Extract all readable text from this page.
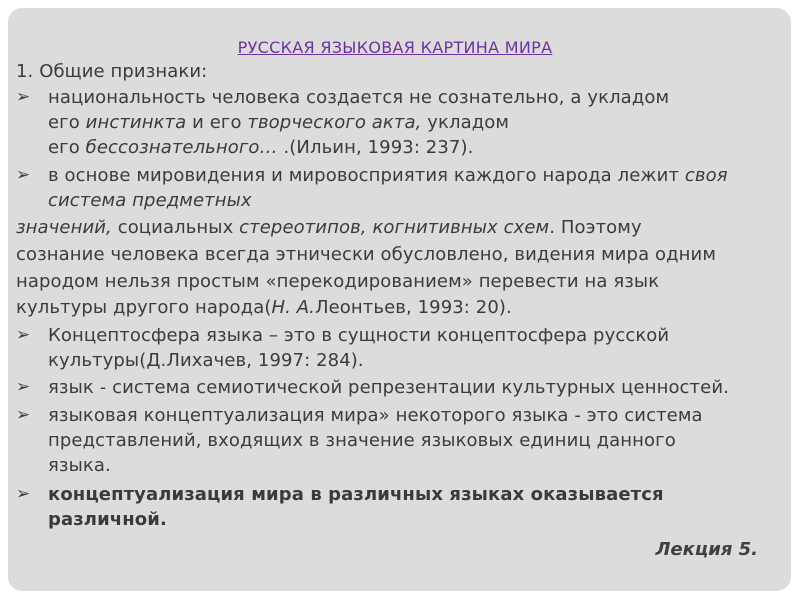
РУССКАЯ ЯЗЫКОВАЯ КАРТИНА МИРА
1. Общие признаки:
➢ национальность человека создается не сознательно, а укладом
его инстинкта и его творческого акта, укладом
его бессознательного… .(Ильин, 1993: 237).
➢ в основе мировидения и мировосприятия каждого народа лежит своя
система предметных
значений, социальных стереотипов, когнитивных схем. Поэтому
сознание человека всегда этнически обусловлено, видения мира одним
народом нельзя простым «перекодированием» перевести на язык
культуры другого народа(Н. А.Леонтьев, 1993: 20).
➢ Концептосфера языка – это в сущности концептосфера русской
культуры(Д.Лихачев, 1997: 284).
➢ язык - система семиотической репрезентации культурных ценностей.
➢ языковая концептуализация мира» некоторого языка - это система
представлений, входящих в значение языковых единиц данного
языка.
➢ концептуализация мира в различных языках оказывается
различной.
Лекция 5.
